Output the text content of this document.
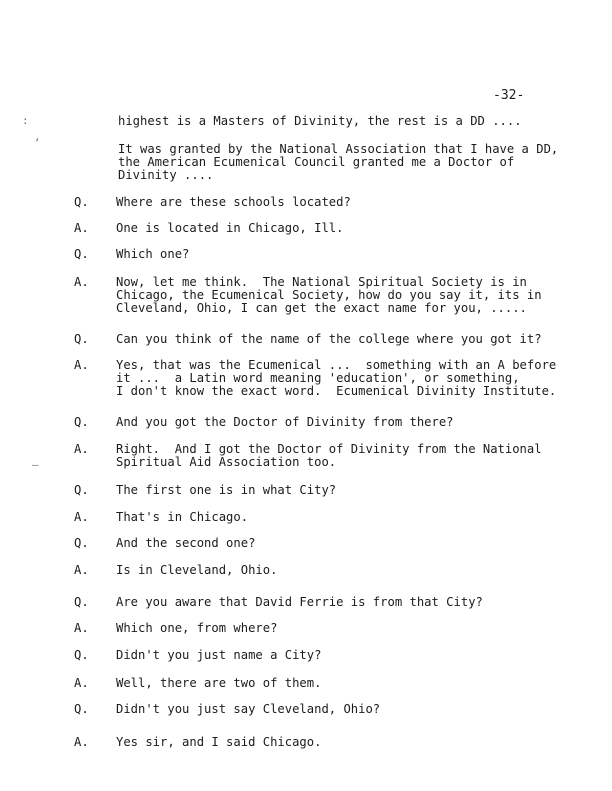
-32-
:
,
—

highest is a Masters of Divinity, the rest is a DD ....

It was granted by the National Association that I have a DD,
the American Ecumenical Council granted me a Doctor of
Divinity ....

Q.	Where are these schools located?
A.	One is located in Chicago, Ill.
Q.	Which one?
A.	Now, let me think.  The National Spiritual Society is in
Chicago, the Ecumenical Society, how do you say it, its in
Cleveland, Ohio, I can get the exact name for you, .....
Q.	Can you think of the name of the college where you got it?
A.	Yes, that was the Ecumenical ...  something with an A before
it ...  a Latin word meaning 'education', or something,
I don't know the exact word.  Ecumenical Divinity Institute.
Q.	And you got the Doctor of Divinity from there?
A.	Right.  And I got the Doctor of Divinity from the National
Spiritual Aid Association too.
Q.	The first one is in what City?
A.	That's in Chicago.
Q.	And the second one?
A.	Is in Cleveland, Ohio.
Q.	Are you aware that David Ferrie is from that City?
A.	Which one, from where?
Q.	Didn't you just name a City?
A.	Well, there are two of them.
Q.	Didn't you just say Cleveland, Ohio?
A.	Yes sir, and I said Chicago.
